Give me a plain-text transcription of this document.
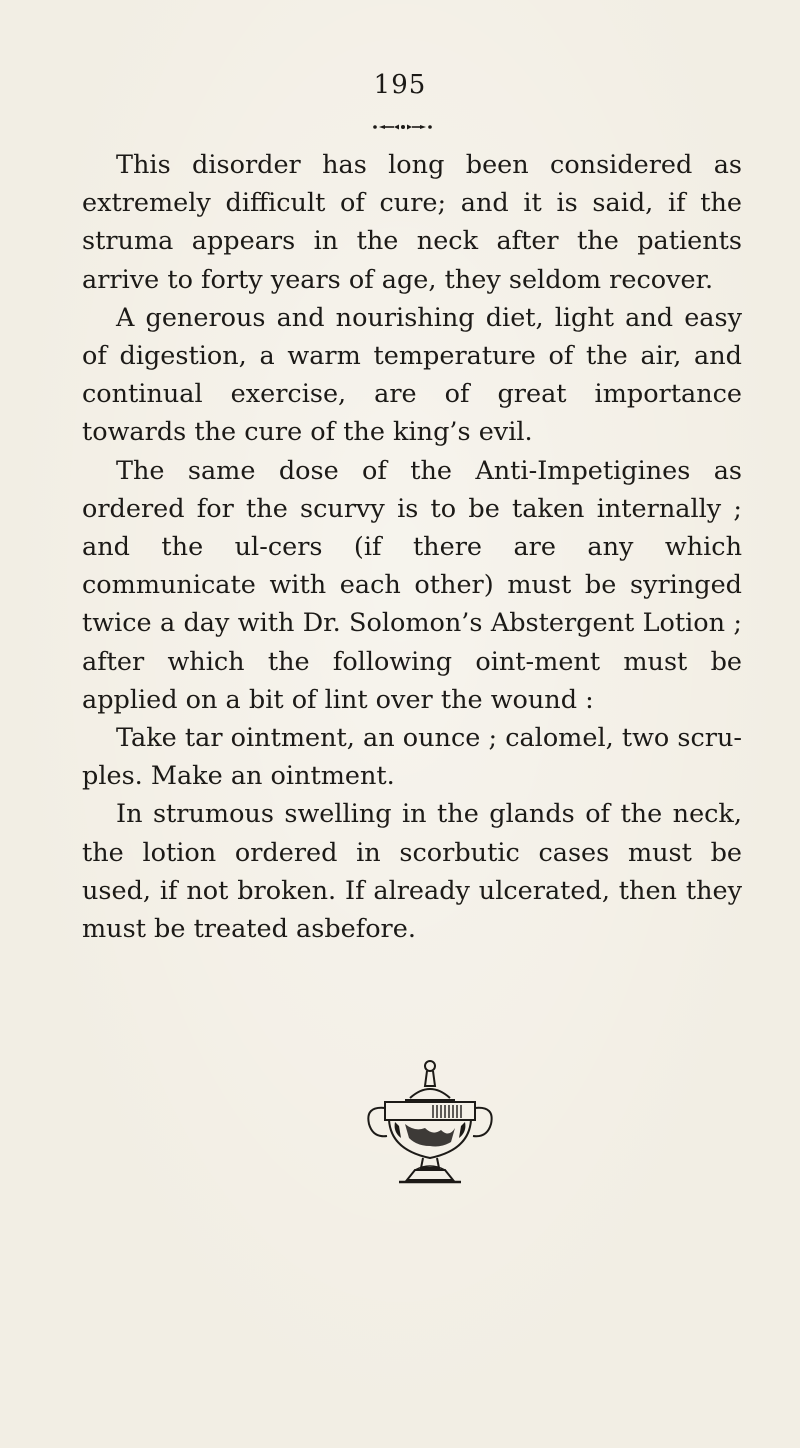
195

This disorder has long been considered as extremely difficult of cure; and it is said, if the struma appears in the neck after the patients arrive to forty years of age, they seldom recover.

A generous and nourishing diet, light and easy of digestion, a warm temperature of the air, and continual exercise, are of great importance towards the cure of the king’s evil.

The same dose of the Anti-Impetigines as ordered for the scurvy is to be taken internally ; and the ul-cers (if there are any which communicate with each other) must be syringed twice a day with Dr. Solomon’s Abstergent Lotion ; after which the following oint-ment must be applied on a bit of lint over the wound :

Take tar ointment, an ounce ; calomel, two scru-ples. Make an ointment.

In strumous swelling in the glands of the neck, the lotion ordered in scorbutic cases must be used, if not broken. If already ulcerated, then they must be treated asbefore.
